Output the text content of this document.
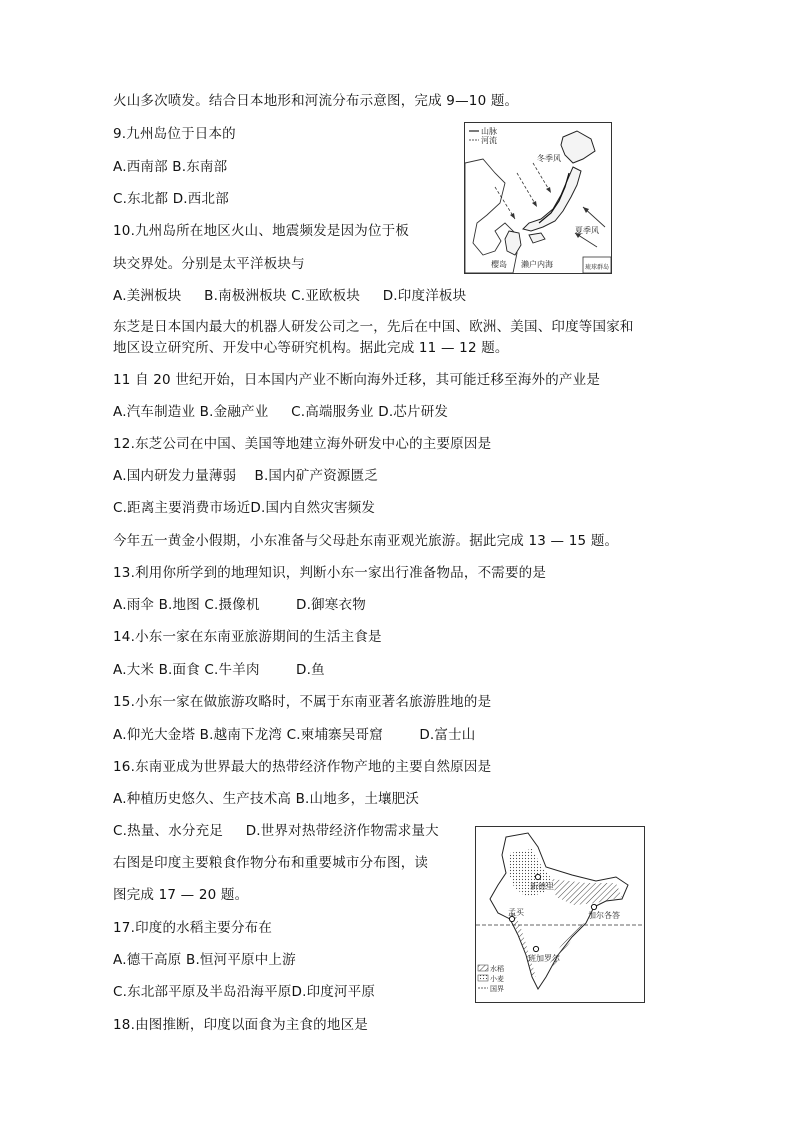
火山多次喷发。结合日本地形和河流分布示意图，完成 9—10 题。
9.九州岛位于日本的
A.西南部 B.东南部
C.东北都 D.西北部
10.九州岛所在地区火山、地震频发是因为位于板
块交界处。分别是太平洋板块与
A.美洲板块 　 B.南极洲板块 C.亚欧板块 　 D.印度洋板块
东芝是日本国内最大的机器人研发公司之一，先后在中国、欧洲、美国、印度等国家和
地区设立研究所、开发中心等研究机构。据此完成 11 — 12 题。
11 自 20 世纪开始，日本国内产业不断向海外迁移，其可能迁移至海外的产业是
A.汽车制造业 B.金融产业 　 C.高端服务业 D.芯片研发
12.东芝公司在中国、美国等地建立海外研发中心的主要原因是
A.国内研发力量薄弱 　B.国内矿产资源匮乏
C.距离主要消费市场近D.国内自然灾害频发
今年五一黄金小假期，小东准备与父母赴东南亚观光旅游。据此完成 13 — 15 题。
13.利用你所学到的地理知识，判断小东一家出行准备物品，不需要的是
A.雨伞 B.地图 C.摄像机 　　 D.御寒衣物
14.小东一家在东南亚旅游期间的生活主食是
A.大米 B.面食 C.牛羊肉 　　 D.鱼
15.小东一家在做旅游攻略时，不属于东南亚著名旅游胜地的是
A.仰光大金塔 B.越南下龙湾 C.柬埔寨吴哥窟 　　 D.富士山
16.东南亚成为世界最大的热带经济作物产地的主要自然原因是
A.种植历史悠久、生产技术高 B.山地多，土壤肥沃
C.热量、水分充足 　 D.世界对热带经济作物需求量大
右图是印度主要粮食作物分布和重要城市分布图，读
图完成 17 — 20 题。
17.印度的水稻主要分布在
A.德干高原 B.恒河平原中上游
C.东北部平原及半岛沿海平原D.印度河平原
18.由图推断，印度以面食为主食的地区是
山脉
河流
冬季风
夏季风
樱岛 濑户内海	琉球群岛
新德里
孟买	加尔各答
班加罗尔
水稻
小麦
国界
